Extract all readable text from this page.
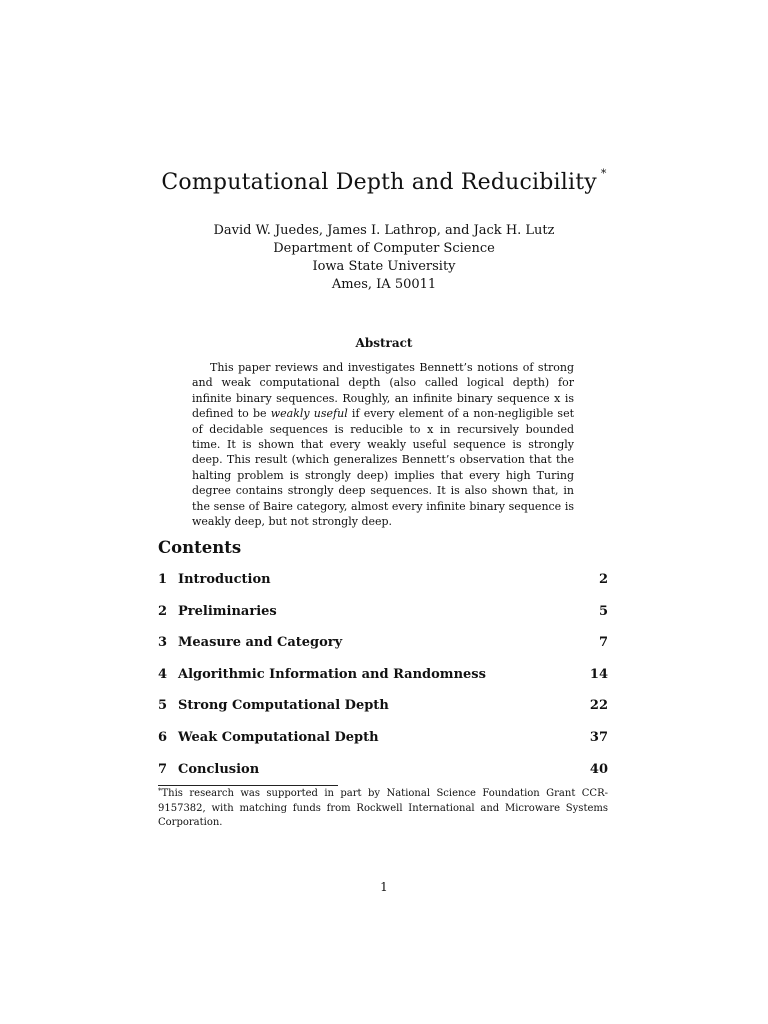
Computational Depth and Reducibility *
David W. Juedes, James I. Lathrop, and Jack H. Lutz
Department of Computer Science
Iowa State University
Ames, IA 50011
Abstract

This paper reviews and investigates Bennett’s notions of strong and weak computational depth (also called logical depth) for infinite binary sequences. Roughly, an infinite binary sequence x is defined to be weakly useful if every element of a non-negligible set of decidable sequences is reducible to x in recursively bounded time. It is shown that every weakly useful sequence is strongly deep. This result (which generalizes Bennett’s observation that the halting problem is strongly deep) implies that every high Turing degree contains strongly deep sequences. It is also shown that, in the sense of Baire category, almost every infinite binary sequence is weakly deep, but not strongly deep.

Contents
1 Introduction	2
2 Preliminaries	5
3 Measure and Category	7
4 Algorithmic Information and Randomness	14
5 Strong Computational Depth	22
6 Weak Computational Depth	37
7 Conclusion	40
*This research was supported in part by National Science Foundation Grant CCR-9157382, with matching funds from Rockwell International and Microware Systems Corporation.
1
